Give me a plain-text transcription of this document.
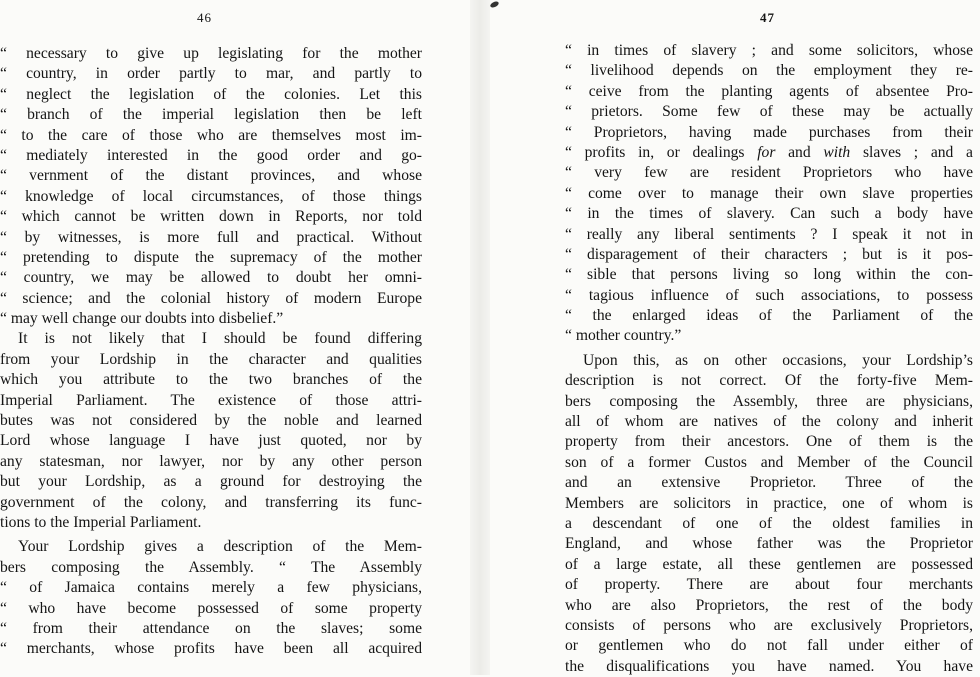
46
“ necessary to give up legislating for the mother
“ country, in order partly to mar, and partly to
“ neglect the legislation of the colonies. Let this
“ branch of the imperial legislation then be left
“ to the care of those who are themselves most im-
“ mediately interested in the good order and go-
“ vernment of the distant provinces, and whose
“ knowledge of local circumstances, of those things
“ which cannot be written down in Reports, nor told
“ by witnesses, is more full and practical. Without
“ pretending to dispute the supremacy of the mother
“ country, we may be allowed to doubt her omni-
“ science; and the colonial history of modern Europe
“ may well change our doubts into disbelief.”
It is not likely that I should be found differing
from your Lordship in the character and qualities
which you attribute to the two branches of the
Imperial Parliament. The existence of those attri-
butes was not considered by the noble and learned
Lord whose language I have just quoted, nor by
any statesman, nor lawyer, nor by any other person
but your Lordship, as a ground for destroying the
government of the colony, and transferring its func-
tions to the Imperial Parliament.
Your Lordship gives a description of the Mem-
bers composing the Assembly. “ The Assembly
“ of Jamaica contains merely a few physicians,
“ who have become possessed of some property
“ from their attendance on the slaves; some
“ merchants, whose profits have been all acquired
47
“ in times of slavery ; and some solicitors, whose
“ livelihood depends on the employment they re-
“ ceive from the planting agents of absentee Pro-
“ prietors. Some few of these may be actually
“ Proprietors, having made purchases from their
“ profits in, or dealings for and with slaves ; and a
“ very few are resident Proprietors who have
“ come over to manage their own slave properties
“ in the times of slavery. Can such a body have
“ really any liberal sentiments ? I speak it not in
“ disparagement of their characters ; but is it pos-
“ sible that persons living so long within the con-
“ tagious influence of such associations, to possess
“ the enlarged ideas of the Parliament of the
“ mother country.”
Upon this, as on other occasions, your Lordship’s
description is not correct. Of the forty-five Mem-
bers composing the Assembly, three are physicians,
all of whom are natives of the colony and inherit
property from their ancestors. One of them is the
son of a former Custos and Member of the Council
and an extensive Proprietor. Three of the
Members are solicitors in practice, one of whom is
a descendant of one of the oldest families in
England, and whose father was the Proprietor
of a large estate, all these gentlemen are possessed
of property. There are about four merchants
who are also Proprietors, the rest of the body
consists of persons who are exclusively Proprietors,
or gentlemen who do not fall under either of
the disqualifications you have named. You have
